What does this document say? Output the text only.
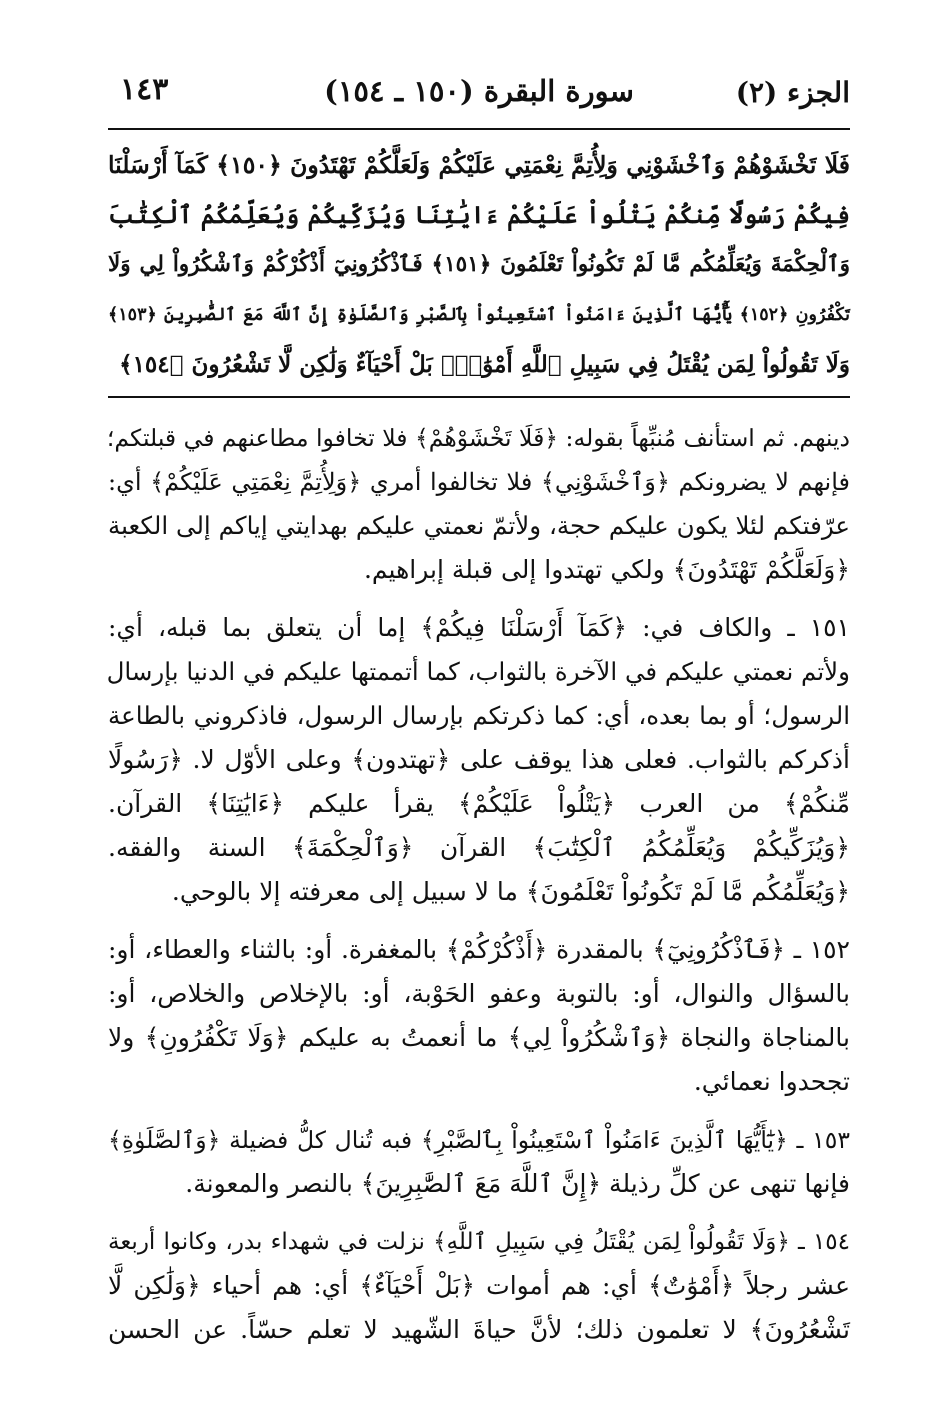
الجزء (٢)
سورة البقرة (١٥٠ ـ ١٥٤)
١٤٣
فَلَا تَخْشَوْهُمْ وَٱخْشَوْنِي وَلِأُتِمَّ نِعْمَتِي عَلَيْكُمْ وَلَعَلَّكُمْ تَهْتَدُونَ ﴿١٥٠﴾ كَمَآ أَرْسَلْنَا
فِيكُمْ رَسُولًا مِّنكُمْ يَتْلُواْ عَلَيْكُمْ ءَايَٰتِنَا وَيُزَكِّيكُمْ وَيُعَلِّمُكُمُ ٱلْكِتَٰبَ
وَٱلْحِكْمَةَ وَيُعَلِّمُكُم مَّا لَمْ تَكُونُواْ تَعْلَمُونَ ﴿١٥١﴾ فَٱذْكُرُونِيٓ أَذْكُرْكُمْ وَٱشْكُرُواْ لِي وَلَا
تَكْفُرُونِ ﴿١٥٢﴾ يَٰٓأَيُّهَا ٱلَّذِينَ ءَامَنُواْ ٱسْتَعِينُواْ بِٱلصَّبْرِ وَٱلصَّلَوٰةِ إِنَّ ٱللَّهَ مَعَ ٱلصَّٰبِرِينَ ﴿١٥٣﴾
وَلَا تَقُولُواْ لِمَن يُقْتَلُ فِي سَبِيلِ ٱللَّهِ أَمْوَٰتٌۢ بَلْ أَحْيَآءٌ وَلَٰكِن لَّا تَشْعُرُونَ ﴿١٥٤﴾
دينهم. ثم استأنف مُنبِّهاً بقوله: ﴿فَلَا تَخْشَوْهُمْ﴾ فلا تخافوا مطاعنهم في قبلتكم؛
فإنهم لا يضرونكم ﴿وَٱخْشَوْنِي﴾ فلا تخالفوا أمري ﴿وَلِأُتِمَّ نِعْمَتِي عَلَيْكُمْ﴾ أي:
عرّفتكم لئلا يكون عليكم حجة، ولأتمّ نعمتي عليكم بهدايتي إياكم إلى الكعبة
﴿وَلَعَلَّكُمْ تَهْتَدُونَ﴾ ولكي تهتدوا إلى قبلة إبراهيم.
١٥١ ـ والكاف في: ﴿كَمَآ أَرْسَلْنَا فِيكُمْ﴾ إما أن يتعلق بما قبله، أي:
ولأتم نعمتي عليكم في الآخرة بالثواب، كما أتممتها عليكم في الدنيا بإرسال
الرسول؛ أو بما بعده، أي: كما ذكرتكم بإرسال الرسول، فاذكروني بالطاعة
أذكركم بالثواب. فعلى هذا يوقف على ﴿تهتدون﴾ وعلى الأوّل لا. ﴿رَسُولًا
مِّنكُمْ﴾ من العرب ﴿يَتْلُواْ عَلَيْكُمْ﴾ يقرأ عليكم ﴿ءَايَٰتِنَا﴾ القرآن.
﴿وَيُزَكِّيكُمْ وَيُعَلِّمُكُمُ ٱلْكِتَٰبَ﴾ القرآن ﴿وَٱلْحِكْمَةَ﴾ السنة والفقه.
﴿وَيُعَلِّمُكُم مَّا لَمْ تَكُونُواْ تَعْلَمُونَ﴾ ما لا سبيل إلى معرفته إلا بالوحي.
١٥٢ ـ ﴿فَٱذْكُرُونِيٓ﴾ بالمقدرة ﴿أَذْكُرْكُمْ﴾ بالمغفرة. أو: بالثناء والعطاء، أو:
بالسؤال والنوال، أو: بالتوبة وعفو الحَوْبة، أو: بالإخلاص والخلاص، أو:
بالمناجاة والنجاة ﴿وَٱشْكُرُواْ لِي﴾ ما أنعمتُ به عليكم ﴿وَلَا تَكْفُرُونِ﴾ ولا
تجحدوا نعمائي.
١٥٣ ـ ﴿يَٰٓأَيُّهَا ٱلَّذِينَ ءَامَنُواْ ٱسْتَعِينُواْ بِٱلصَّبْرِ﴾ فبه تُنال كلُّ فضيلة ﴿وَٱلصَّلَوٰةِ﴾
فإنها تنهى عن كلِّ رذيلة ﴿إِنَّ ٱللَّهَ مَعَ ٱلصَّٰبِرِينَ﴾ بالنصر والمعونة.
١٥٤ ـ ﴿وَلَا تَقُولُواْ لِمَن يُقْتَلُ فِي سَبِيلِ ٱللَّهِ﴾ نزلت في شهداء بدر، وكانوا أربعة
عشر رجلاً ﴿أَمْوَٰتٌ﴾ أي: هم أموات ﴿بَلْ أَحْيَآءٌ﴾ أي: هم أحياء ﴿وَلَٰكِن لَّا
تَشْعُرُونَ﴾ لا تعلمون ذلك؛ لأنَّ حياةَ الشّهيد لا تعلم حسّاً. عن الحسن
